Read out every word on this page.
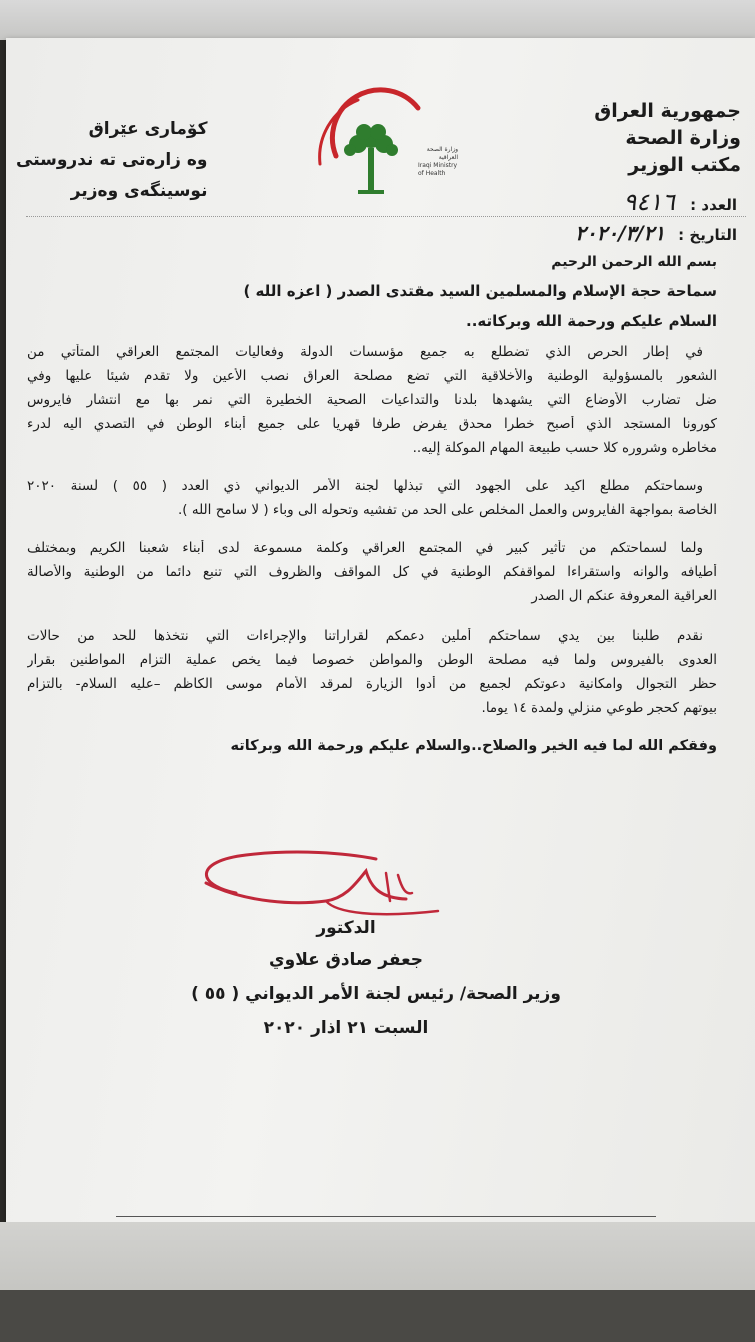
جمهورية العراق
وزارة الصحة
مكتب الوزير
كۆماری عێراق
وه زارەتی ته ندروستی
نوسینگەی وەزیر
وزارة الصحة العراقية
Iraqi Ministry of Health
العدد : ٩٤١٦
التاريخ : ٢٠٢٠/٣/٢١
بسم الله الرحمن الرحيم
سماحة حجة الإسلام والمسلمين السيد مقتدى الصدر ( اعزه الله )
السلام عليكم ورحمة الله وبركاته..
في إطار الحرص الذي تضطلع به جميع مؤسسات الدولة وفعاليات المجتمع العراقي المتأتي من
الشعور بالمسؤولية الوطنية والأخلاقية التي تضع مصلحة العراق نصب الأعين ولا تقدم شيئا عليها وفي
ضل تضارب الأوضاع التي يشهدها بلدنا والتداعيات الصحية الخطيرة التي نمر بها مع انتشار فايروس
كورونا المستجد الذي أصبح خطرا محدق يفرض طرفا قهريا على جميع أبناء الوطن في التصدي اليه لدرء
مخاطره وشروره كلا حسب طبيعة المهام الموكلة إليه..
وسماحتكم مطلع اكيد على الجهود التي تبذلها لجنة الأمر الديواني ذي العدد ( ٥٥ ) لسنة ٢٠٢٠
الخاصة بمواجهة الفايروس والعمل المخلص على الحد من تفشيه وتحوله الى وباء ( لا سامح الله ).
ولما لسماحتكم من تأثير كبير في المجتمع العراقي وكلمة مسموعة لدى أبناء شعبنا الكريم وبمختلف
أطيافه والوانه واستقراءا لمواقفكم الوطنية في كل المواقف والظروف التي تنبع دائما من الوطنية والأصالة
العراقية المعروفة عنكم ال الصدر
نقدم طلبنا بين يدي سماحتكم أملين دعمكم لقراراتنا والإجراءات التي نتخذها للحد من حالات
العدوى بالفيروس ولما فيه مصلحة الوطن والمواطن خصوصا فيما يخص عملية التزام المواطنين بقرار
حظر التجوال وامكانية دعوتكم لجميع من أدوا الزيارة لمرقد الأمام موسى الكاظم –عليه السلام- بالتزام
بيوتهم كحجر طوعي منزلي ولمدة ١٤ يوما.
وفقكم الله لما فيه الخير والصلاح..والسلام عليكم ورحمة الله وبركاته
الدكتور
جعفر صادق علاوي
وزير الصحة/ رئيس لجنة الأمر الديواني ( ٥٥ )
السبت ٢١ اذار ٢٠٢٠
